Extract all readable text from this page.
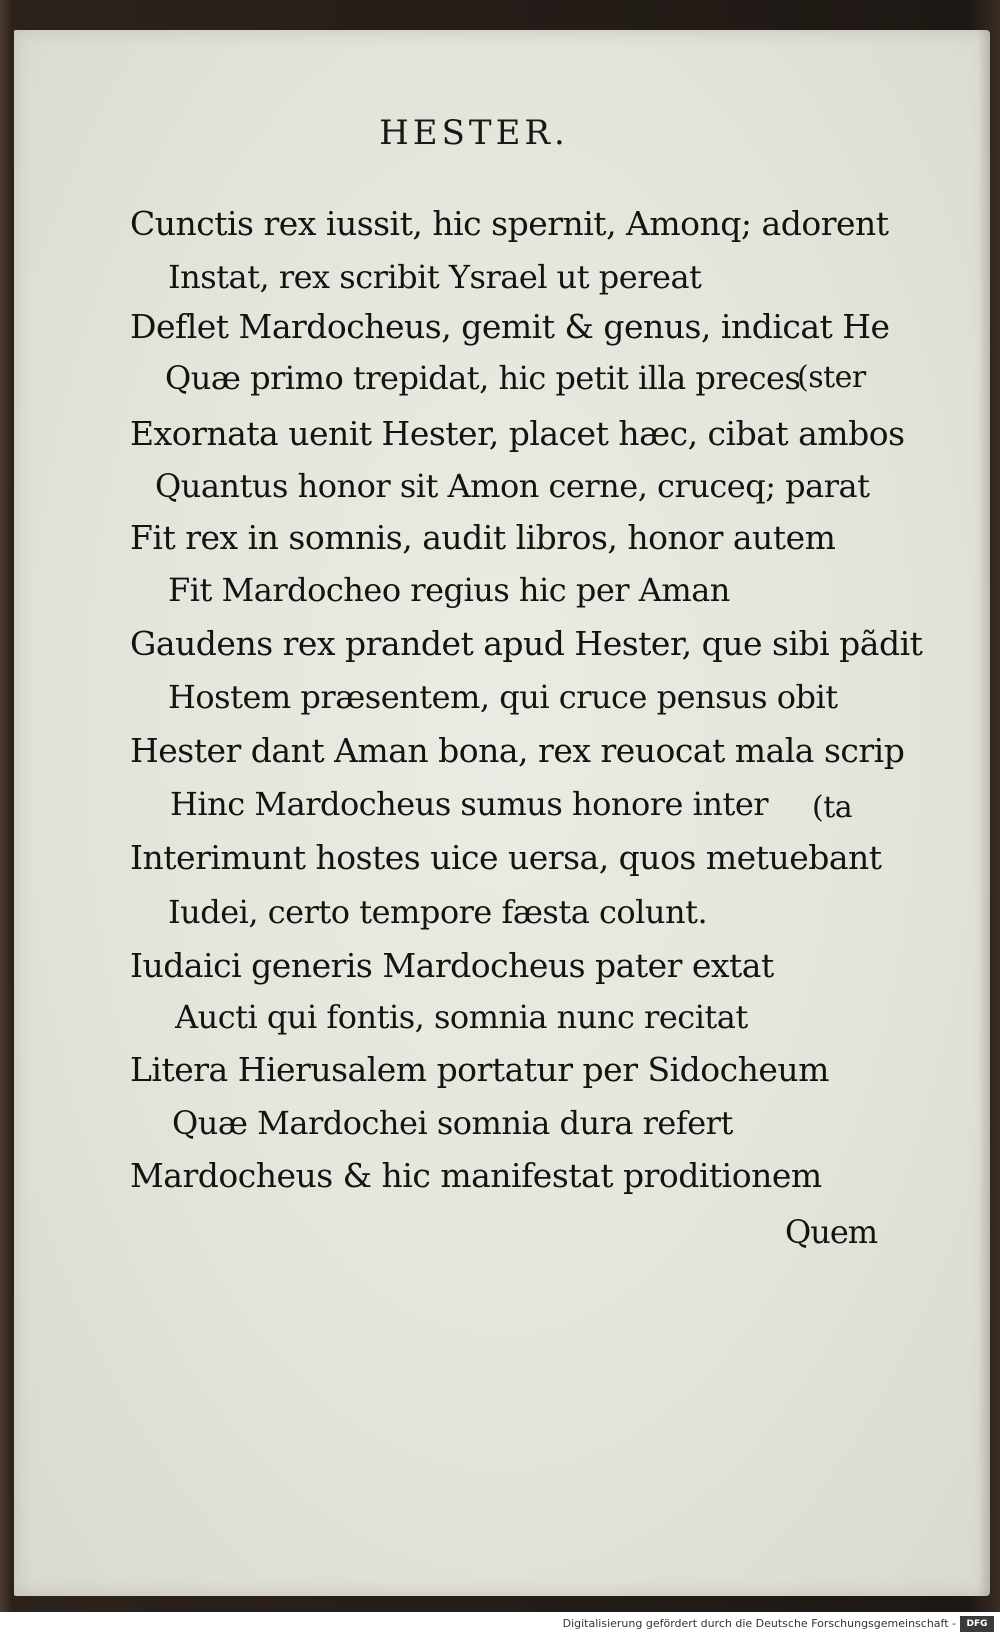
HESTER.
Cunctis rex iussit, hic spernit, Amonq; adorent
Instat, rex scribit Ysrael ut pereat
Deflet Mardocheus, gemit & genus, indicat He
Quæ primo trepidat, hic petit illa preces
(ster
Exornata uenit Hester, placet hæc, cibat ambos
Quantus honor sit Amon cerne, cruceq; parat
Fit rex in somnis, audit libros, honor autem
Fit Mardocheo regius hic per Aman
Gaudens rex prandet apud Hester, que sibi pãdit
Hostem præsentem, qui cruce pensus obit
Hester dant Aman bona, rex reuocat mala scrip
Hinc Mardocheus sumus honore inter (ta
Interimunt hostes uice uersa, quos metuebant
Iudei, certo tempore fæsta colunt.
Iudaici generis Mardocheus pater extat
Aucti qui fontis, somnia nunc recitat
Litera Hierusalem portatur per Sidocheum
Quæ Mardochei somnia dura refert
Mardocheus & hic manifestat proditionem
Quem
Digitalisierung gefördert durch die Deutsche Forschungsgemeinschaft -	DFG
